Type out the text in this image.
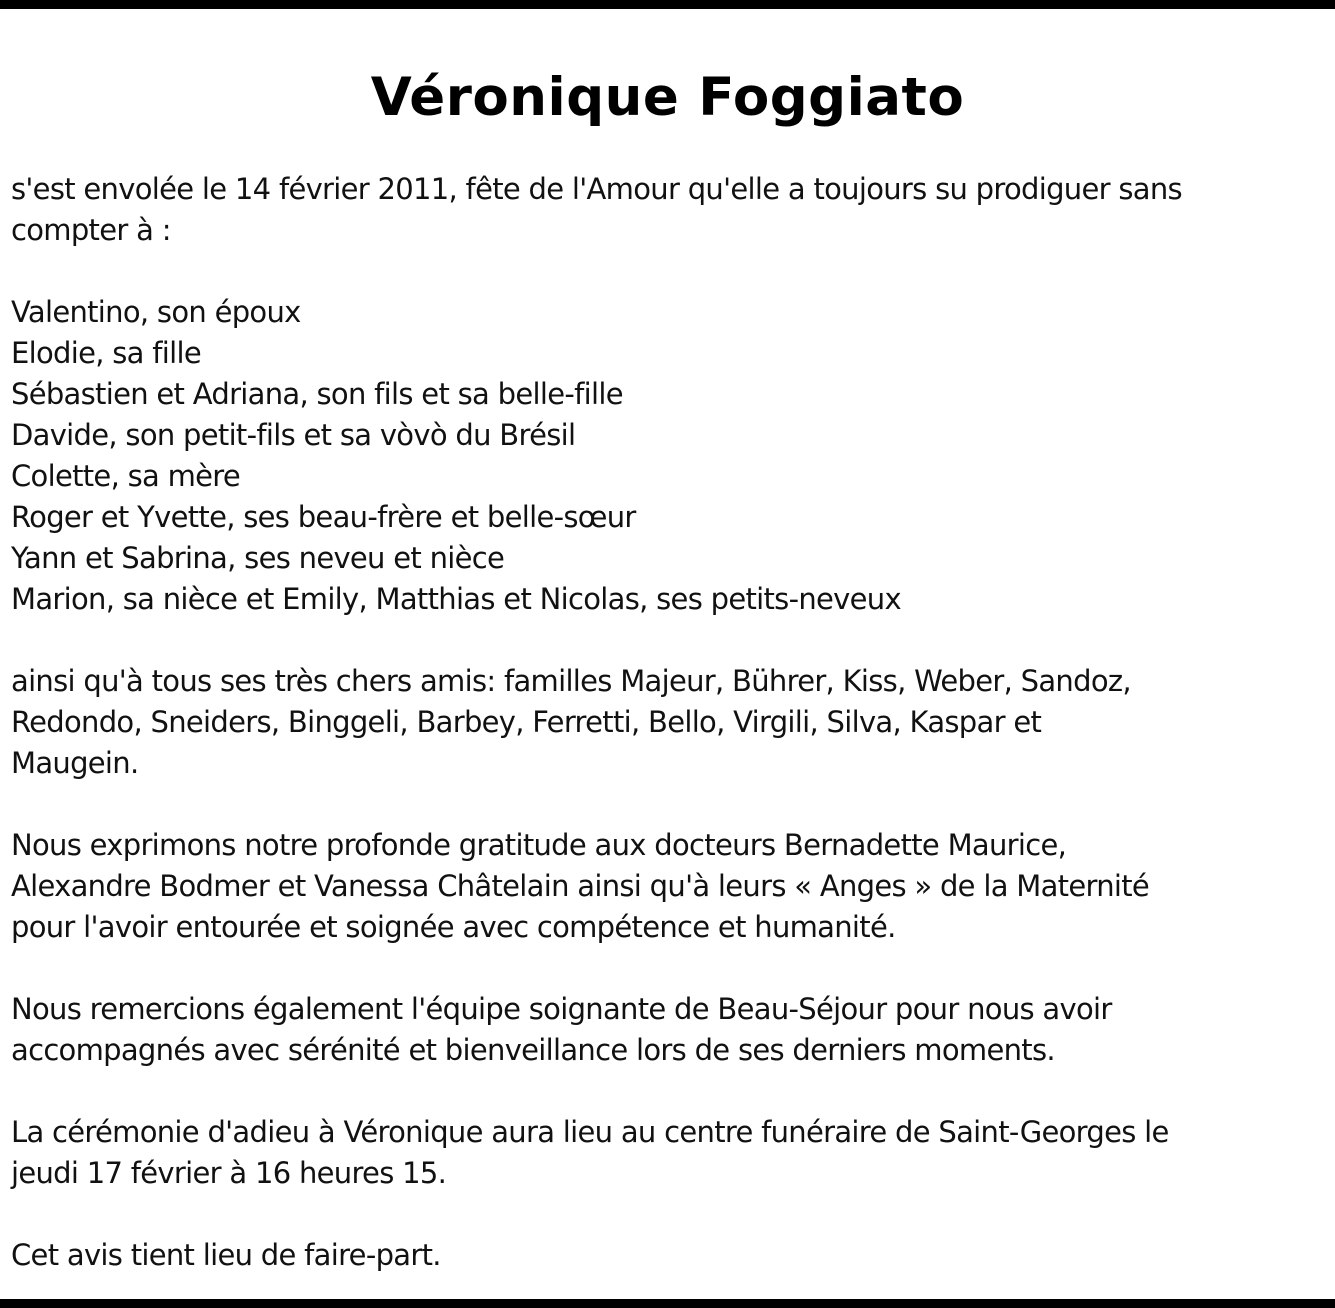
Véronique Foggiato
s'est envolée le 14 février 2011, fête de l'Amour qu'elle a toujours su prodiguer sans
compter à :
Valentino, son époux
Elodie, sa fille
Sébastien et Adriana, son fils et sa belle-fille
Davide, son petit-fils et sa vòvò du Brésil
Colette, sa mère
Roger et Yvette, ses beau-frère et belle-sœur
Yann et Sabrina, ses neveu et nièce
Marion, sa nièce et Emily, Matthias et Nicolas, ses petits-neveux
ainsi qu'à tous ses très chers amis: familles Majeur, Bührer, Kiss, Weber, Sandoz,
Redondo, Sneiders, Binggeli, Barbey, Ferretti, Bello, Virgili, Silva, Kaspar et
Maugein.
Nous exprimons notre profonde gratitude aux docteurs Bernadette Maurice,
Alexandre Bodmer et Vanessa Châtelain ainsi qu'à leurs « Anges » de la Maternité
pour l'avoir entourée et soignée avec compétence et humanité.
Nous remercions également l'équipe soignante de Beau-Séjour pour nous avoir
accompagnés avec sérénité et bienveillance lors de ses derniers moments.
La cérémonie d'adieu à Véronique aura lieu au centre funéraire de Saint-Georges le
jeudi 17 février à 16 heures 15.
Cet avis tient lieu de faire-part.
